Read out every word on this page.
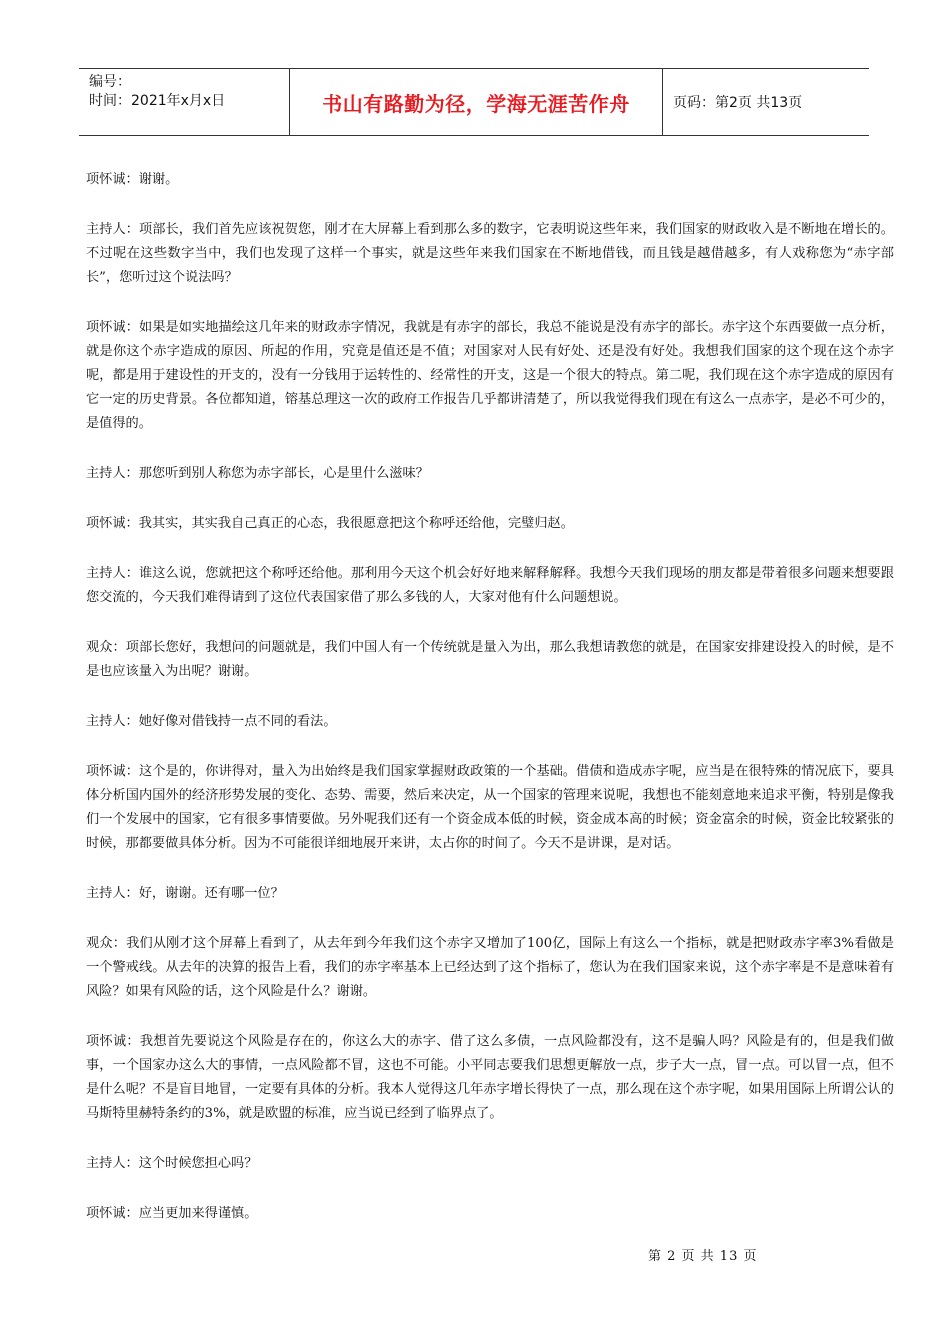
编号：
时间：2021年x月x日	书山有路勤为径，学海无涯苦作舟	页码：第2页 共13页

项怀诚：谢谢。

主持人：项部长，我们首先应该祝贺您，刚才在大屏幕上看到那么多的数字，它表明说这些年来，我们国家的财政收入是不断地在增长的。不过呢在这些数字当中，我们也发现了这样一个事实，就是这些年来我们国家在不断地借钱，而且钱是越借越多，有人戏称您为“赤字部长”，您听过这个说法吗？

项怀诚：如果是如实地描绘这几年来的财政赤字情况，我就是有赤字的部长，我总不能说是没有赤字的部长。赤字这个东西要做一点分析，就是你这个赤字造成的原因、所起的作用，究竟是值还是不值；对国家对人民有好处、还是没有好处。我想我们国家的这个现在这个赤字呢，都是用于建设性的开支的，没有一分钱用于运转性的、经常性的开支，这是一个很大的特点。第二呢，我们现在这个赤字造成的原因有它一定的历史背景。各位都知道，镕基总理这一次的政府工作报告几乎都讲清楚了，所以我觉得我们现在有这么一点赤字，是必不可少的，是值得的。

主持人：那您听到别人称您为赤字部长，心是里什么滋味？

项怀诚：我其实，其实我自己真正的心态，我很愿意把这个称呼还给他，完璧归赵。

主持人：谁这么说，您就把这个称呼还给他。那利用今天这个机会好好地来解释解释。我想今天我们现场的朋友都是带着很多问题来想要跟您交流的，今天我们难得请到了这位代表国家借了那么多钱的人，大家对他有什么问题想说。

观众：项部长您好，我想问的问题就是，我们中国人有一个传统就是量入为出，那么我想请教您的就是，在国家安排建设投入的时候，是不是也应该量入为出呢？谢谢。

主持人：她好像对借钱持一点不同的看法。

项怀诚：这个是的，你讲得对，量入为出始终是我们国家掌握财政政策的一个基础。借债和造成赤字呢，应当是在很特殊的情况底下，要具体分析国内国外的经济形势发展的变化、态势、需要，然后来决定，从一个国家的管理来说呢，我想也不能刻意地来追求平衡，特别是像我们一个发展中的国家，它有很多事情要做。另外呢我们还有一个资金成本低的时候，资金成本高的时候；资金富余的时候，资金比较紧张的时候，那都要做具体分析。因为不可能很详细地展开来讲，太占你的时间了。今天不是讲课，是对话。

主持人：好，谢谢。还有哪一位？

观众：我们从刚才这个屏幕上看到了，从去年到今年我们这个赤字又增加了100亿，国际上有这么一个指标，就是把财政赤字率3%看做是一个警戒线。从去年的决算的报告上看，我们的赤字率基本上已经达到了这个指标了，您认为在我们国家来说，这个赤字率是不是意味着有风险？如果有风险的话，这个风险是什么？谢谢。

项怀诚：我想首先要说这个风险是存在的，你这么大的赤字、借了这么多债，一点风险都没有，这不是骗人吗？风险是有的，但是我们做事，一个国家办这么大的事情，一点风险都不冒，这也不可能。小平同志要我们思想更解放一点，步子大一点，冒一点。可以冒一点，但不是什么呢？不是盲目地冒，一定要有具体的分析。我本人觉得这几年赤字增长得快了一点，那么现在这个赤字呢，如果用国际上所谓公认的马斯特里赫特条约的3%，就是欧盟的标准，应当说已经到了临界点了。

主持人：这个时候您担心吗？

项怀诚：应当更加来得谨慎。

第 2 页 共 13 页
